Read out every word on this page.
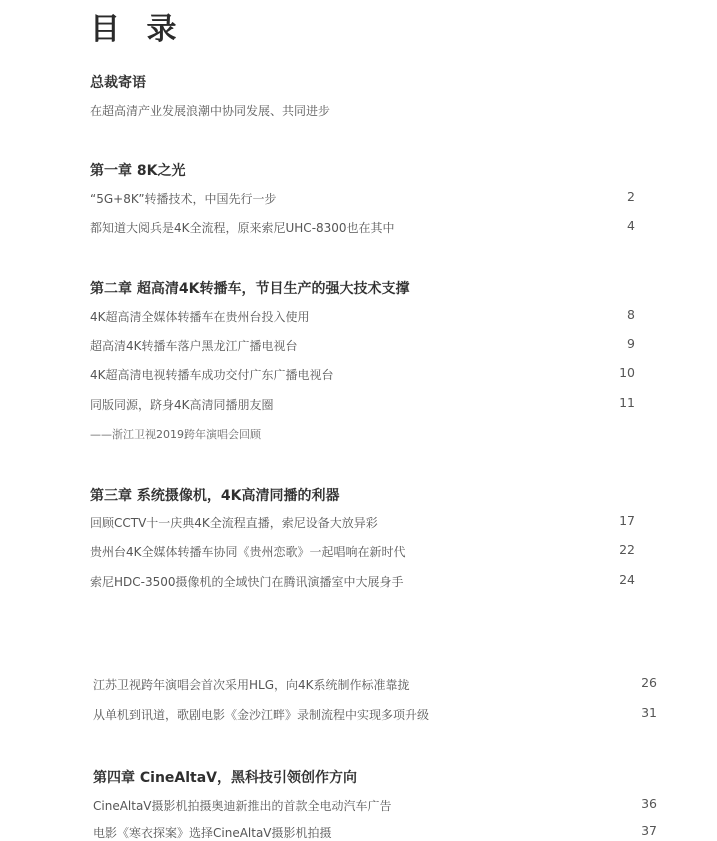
目 录
总裁寄语
在超高清产业发展浪潮中协同发展、共同进步
第一章 8K之光
“5G+8K”转播技术，中国先行一步	2
都知道大阅兵是4K全流程，原来索尼UHC-8300也在其中	4
第二章 超高清4K转播车，节目生产的强大技术支撑
4K超高清全媒体转播车在贵州台投入使用	8
超高清4K转播车落户黑龙江广播电视台	9
4K超高清电视转播车成功交付广东广播电视台	10
同版同源，跻身4K高清同播朋友圈	11
——浙江卫视2019跨年演唱会回顾
第三章 系统摄像机，4K高清同播的利器
回顾CCTV十一庆典4K全流程直播，索尼设备大放异彩	17
贵州台4K全媒体转播车协同《贵州恋歌》一起唱响在新时代	22
索尼HDC-3500摄像机的全域快门在腾讯演播室中大展身手	24
江苏卫视跨年演唱会首次采用HLG，向4K系统制作标准靠拢	26
从单机到讯道，歌剧电影《金沙江畔》录制流程中实现多项升级	31
第四章 CineAltaV，黑科技引领创作方向
CineAltaV摄影机拍摄奥迪新推出的首款全电动汽车广告	36
电影《寒衣探案》选择CineAltaV摄影机拍摄	37
